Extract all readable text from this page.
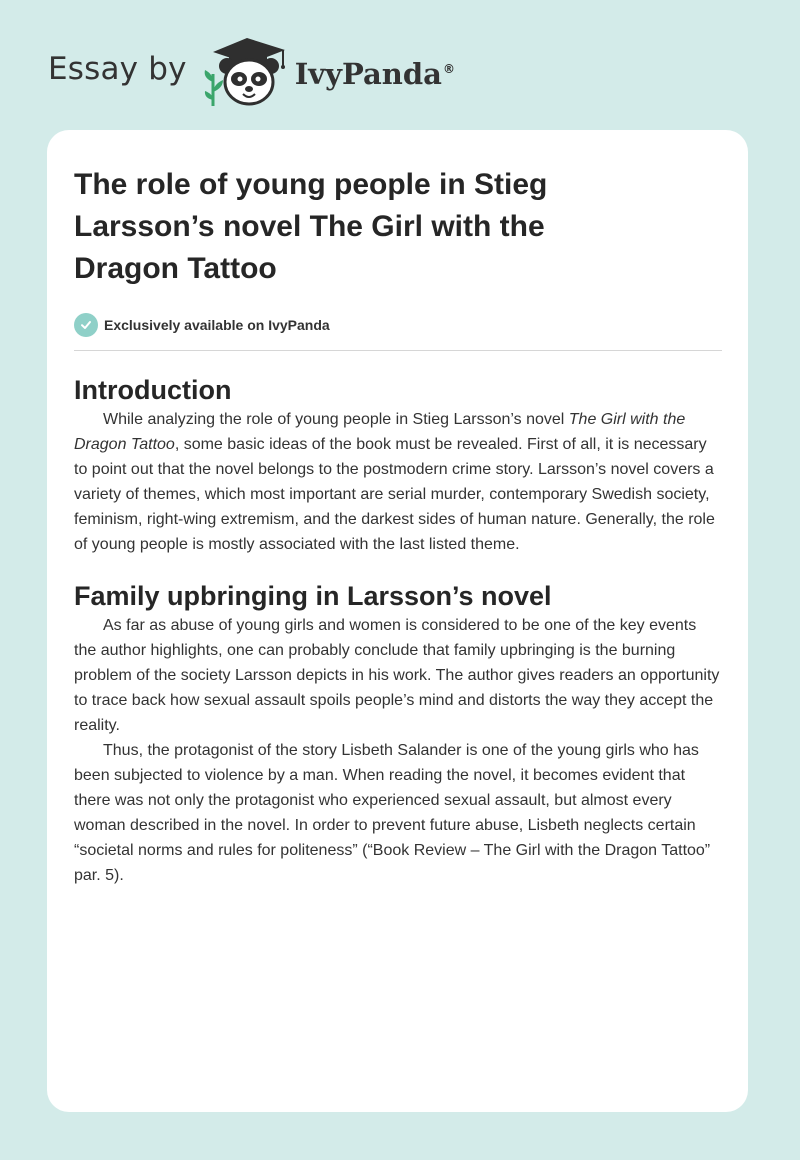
Essay by	IvyPanda®
The role of young people in Stieg Larsson’s novel The Girl with the Dragon Tattoo
Exclusively available on IvyPanda
Introduction

While analyzing the role of young people in Stieg Larsson’s novel The Girl with the Dragon Tattoo, some basic ideas of the book must be revealed. First of all, it is necessary to point out that the novel belongs to the postmodern crime story. Larsson’s novel covers a variety of themes, which most important are serial murder, contemporary Swedish society, feminism, right-wing extremism, and the darkest sides of human nature. Generally, the role of young people is mostly associated with the last listed theme.

Family upbringing in Larsson’s novel

As far as abuse of young girls and women is considered to be one of the key events the author highlights, one can probably conclude that family upbringing is the burning problem of the society Larsson depicts in his work. The author gives readers an opportunity to trace back how sexual assault spoils people’s mind and distorts the way they accept the reality.

Thus, the protagonist of the story Lisbeth Salander is one of the young girls who has been subjected to violence by a man. When reading the novel, it becomes evident that there was not only the protagonist who experienced sexual assault, but almost every woman described in the novel. In order to prevent future abuse, Lisbeth neglects certain “societal norms and rules for politeness” (“Book Review – The Girl with the Dragon Tattoo” par. 5).
